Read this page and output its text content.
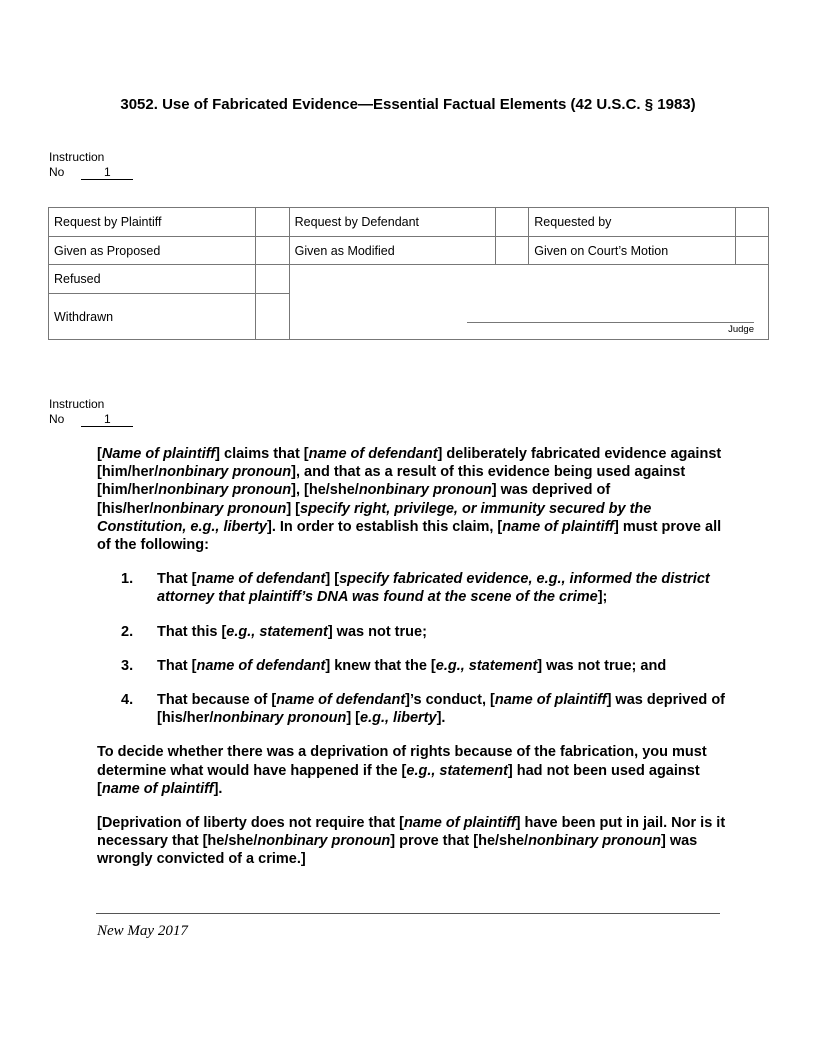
3052. Use of Fabricated Evidence—Essential Factual Elements (42 U.S.C. § 1983)
Instruction
No	1
Request by Plaintiff		Request by Defendant		Requested by	
Given as Proposed		Given as Modified		Given on Court’s Motion	
Refused					
Withdrawn					
Judge
Instruction
No	1

[Name of plaintiff] claims that [name of defendant] deliberately fabricated evidence against [him/her/nonbinary pronoun], and that as a result of this evidence being used against [him/her/nonbinary pronoun], [he/she/nonbinary pronoun] was deprived of [his/her/nonbinary pronoun] [specify right, privilege, or immunity secured by the Constitution, e.g., liberty]. In order to establish this claim, [name of plaintiff] must prove all of the following:

1.	That [name of defendant] [specify fabricated evidence, e.g., informed the district attorney that plaintiff’s DNA was found at the scene of the crime];
2.	That this [e.g., statement] was not true;
3.	That [name of defendant] knew that the [e.g., statement] was not true; and
4.	That because of [name of defendant]’s conduct, [name of plaintiff] was deprived of [his/her/nonbinary pronoun] [e.g., liberty].

To decide whether there was a deprivation of rights because of the fabrication, you must determine what would have happened if the [e.g., statement] had not been used against [name of plaintiff].

[Deprivation of liberty does not require that [name of plaintiff] have been put in jail. Nor is it necessary that [he/she/nonbinary pronoun] prove that [he/she/nonbinary pronoun] was wrongly convicted of a crime.]

New May 2017
